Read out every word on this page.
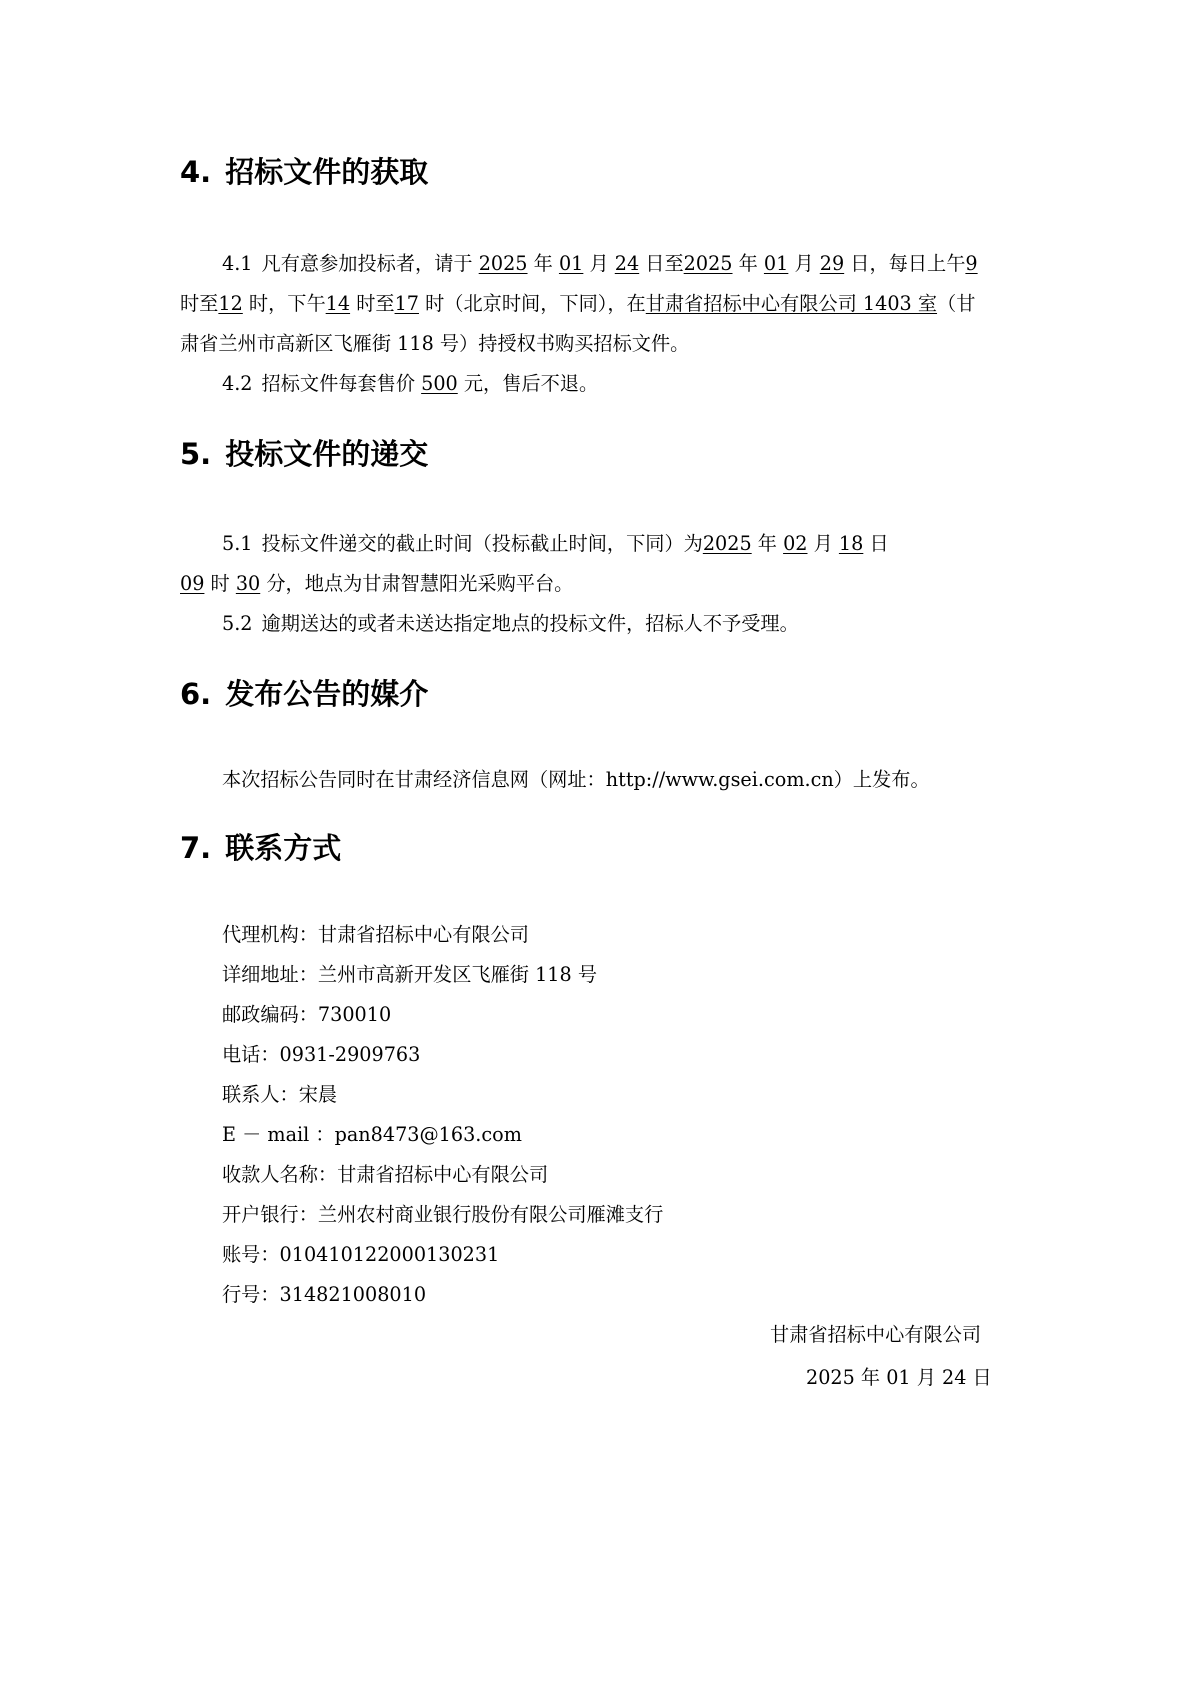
4. 招标文件的获取

4.1 凡有意参加投标者，请于 2025 年 01 月 24 日至2025 年 01 月 29 日，每日上午9

时至12 时，下午14 时至17 时（北京时间，下同），在甘肃省招标中心有限公司 1403 室（甘

肃省兰州市高新区飞雁街 118 号）持授权书购买招标文件。

4.2 招标文件每套售价 500 元，售后不退。

5. 投标文件的递交

5.1 投标文件递交的截止时间（投标截止时间，下同）为2025 年 02 月 18 日

09 时 30 分，地点为甘肃智慧阳光采购平台。

5.2 逾期送达的或者未送达指定地点的投标文件，招标人不予受理。

6. 发布公告的媒介

本次招标公告同时在甘肃经济信息网（网址：http://www.gsei.com.cn）上发布。

7. 联系方式

代理机构：甘肃省招标中心有限公司

详细地址：兰州市高新开发区飞雁街 118 号

邮政编码：730010

电话：0931-2909763

联系人：宋晨

E － mail ：pan8473@163.com

收款人名称：甘肃省招标中心有限公司

开户银行：兰州农村商业银行股份有限公司雁滩支行

账号：010410122000130231

行号：314821008010

甘肃省招标中心有限公司

2025 年 01 月 24 日
